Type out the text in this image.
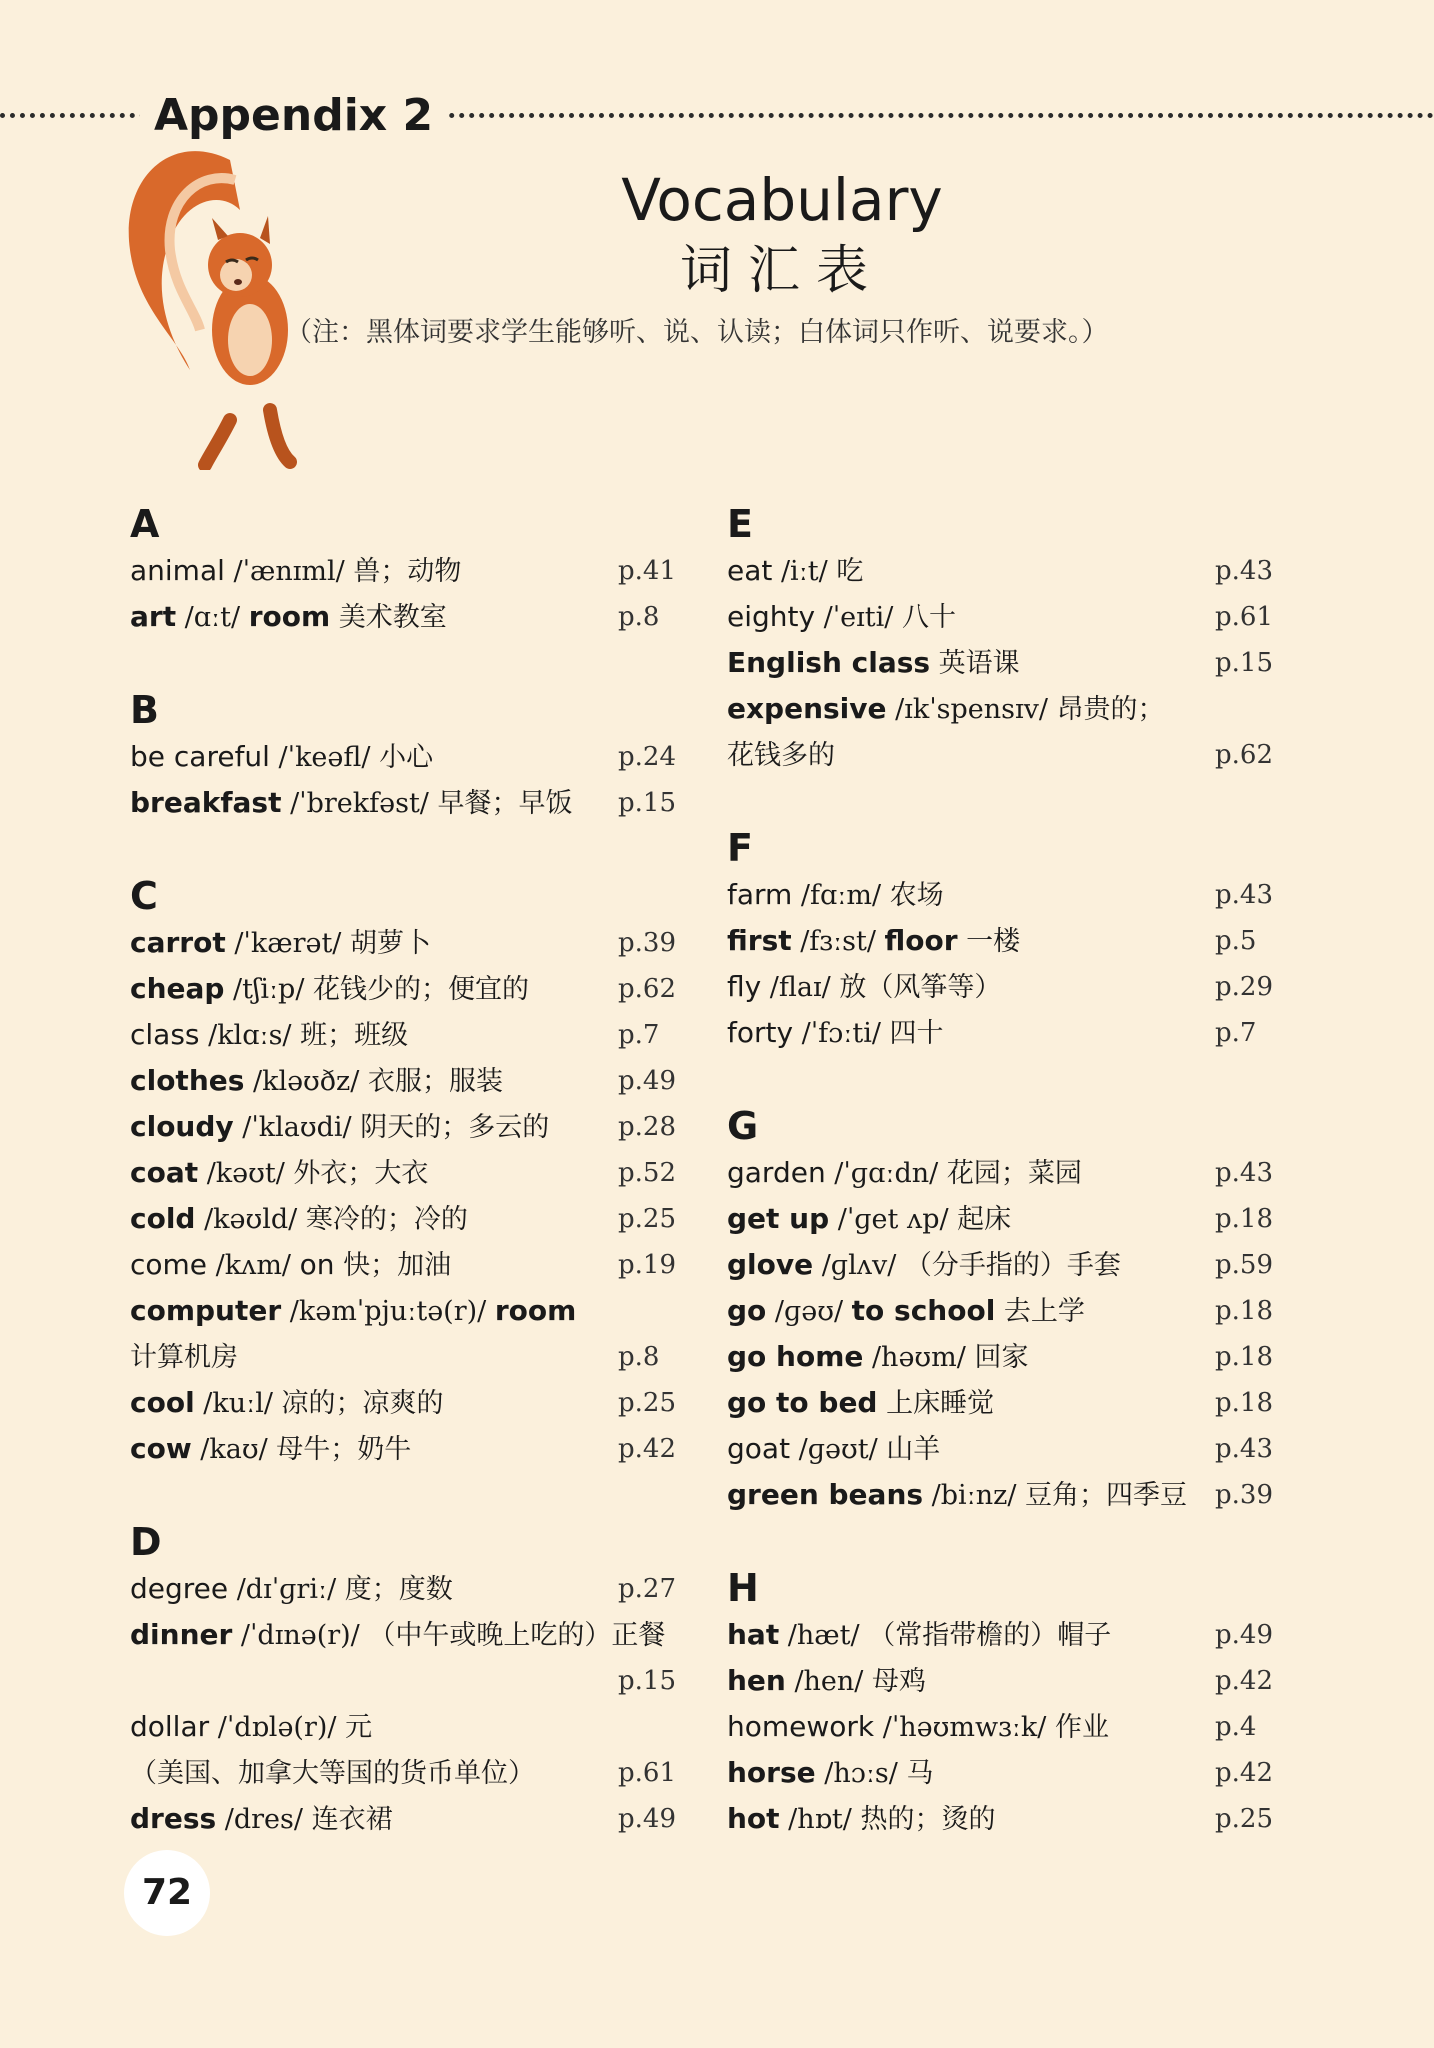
Appendix 2
Vocabulary
词汇表
（注：黑体词要求学生能够听、说、认读；白体词只作听、说要求。）
A
animal /ˈænɪml/ 兽；动物	p.41
art /ɑːt/ room 美术教室	p.8
B
be careful /ˈkeəfl/ 小心	p.24
breakfast /ˈbrekfəst/ 早餐；早饭 p.15
C
carrot /ˈkærət/ 胡萝卜	p.39
cheap /tʃiːp/ 花钱少的；便宜的	p.62
class /klɑːs/ 班；班级	p.7
clothes /kləʊðz/ 衣服；服装	p.49
cloudy /ˈklaʊdi/ 阴天的；多云的	p.28
coat /kəʊt/ 外衣；大衣	p.52
cold /kəʊld/ 寒冷的；冷的	p.25
come /kʌm/ on 快；加油	p.19
computer /kəmˈpjuːtə(r)/ room
计算机房	p.8
cool /kuːl/ 凉的；凉爽的	p.25
cow /kaʊ/ 母牛；奶牛	p.42
D
degree /dɪˈɡriː/ 度；度数	p.27
dinner /ˈdɪnə(r)/ （中午或晚上吃的）正餐
p.15
dollar /ˈdɒlə(r)/ 元
（美国、加拿大等国的货币单位）	p.61
dress /dres/ 连衣裙	p.49
E
eat /iːt/ 吃	p.43
eighty /ˈeɪti/ 八十	p.61
English class 英语课	p.15
expensive /ɪkˈspensɪv/ 昂贵的；
花钱多的	p.62
F
farm /fɑːm/ 农场	p.43
first /fɜːst/ floor 一楼	p.5
fly /flaɪ/ 放（风筝等）	p.29
forty /ˈfɔːti/ 四十	p.7
G
garden /ˈɡɑːdn/ 花园；菜园	p.43
get up /ˈɡet ʌp/ 起床	p.18
glove /ɡlʌv/ （分手指的）手套	p.59
go /ɡəʊ/ to school 去上学	p.18
go home /həʊm/ 回家	p.18
go to bed 上床睡觉	p.18
goat /ɡəʊt/ 山羊	p.43
green beans /biːnz/ 豆角；四季豆 p.39
H
hat /hæt/ （常指带檐的）帽子	p.49
hen /hen/ 母鸡	p.42
homework /ˈhəʊmwɜːk/ 作业	p.4
horse /hɔːs/ 马	p.42
hot /hɒt/ 热的；烫的	p.25
72
